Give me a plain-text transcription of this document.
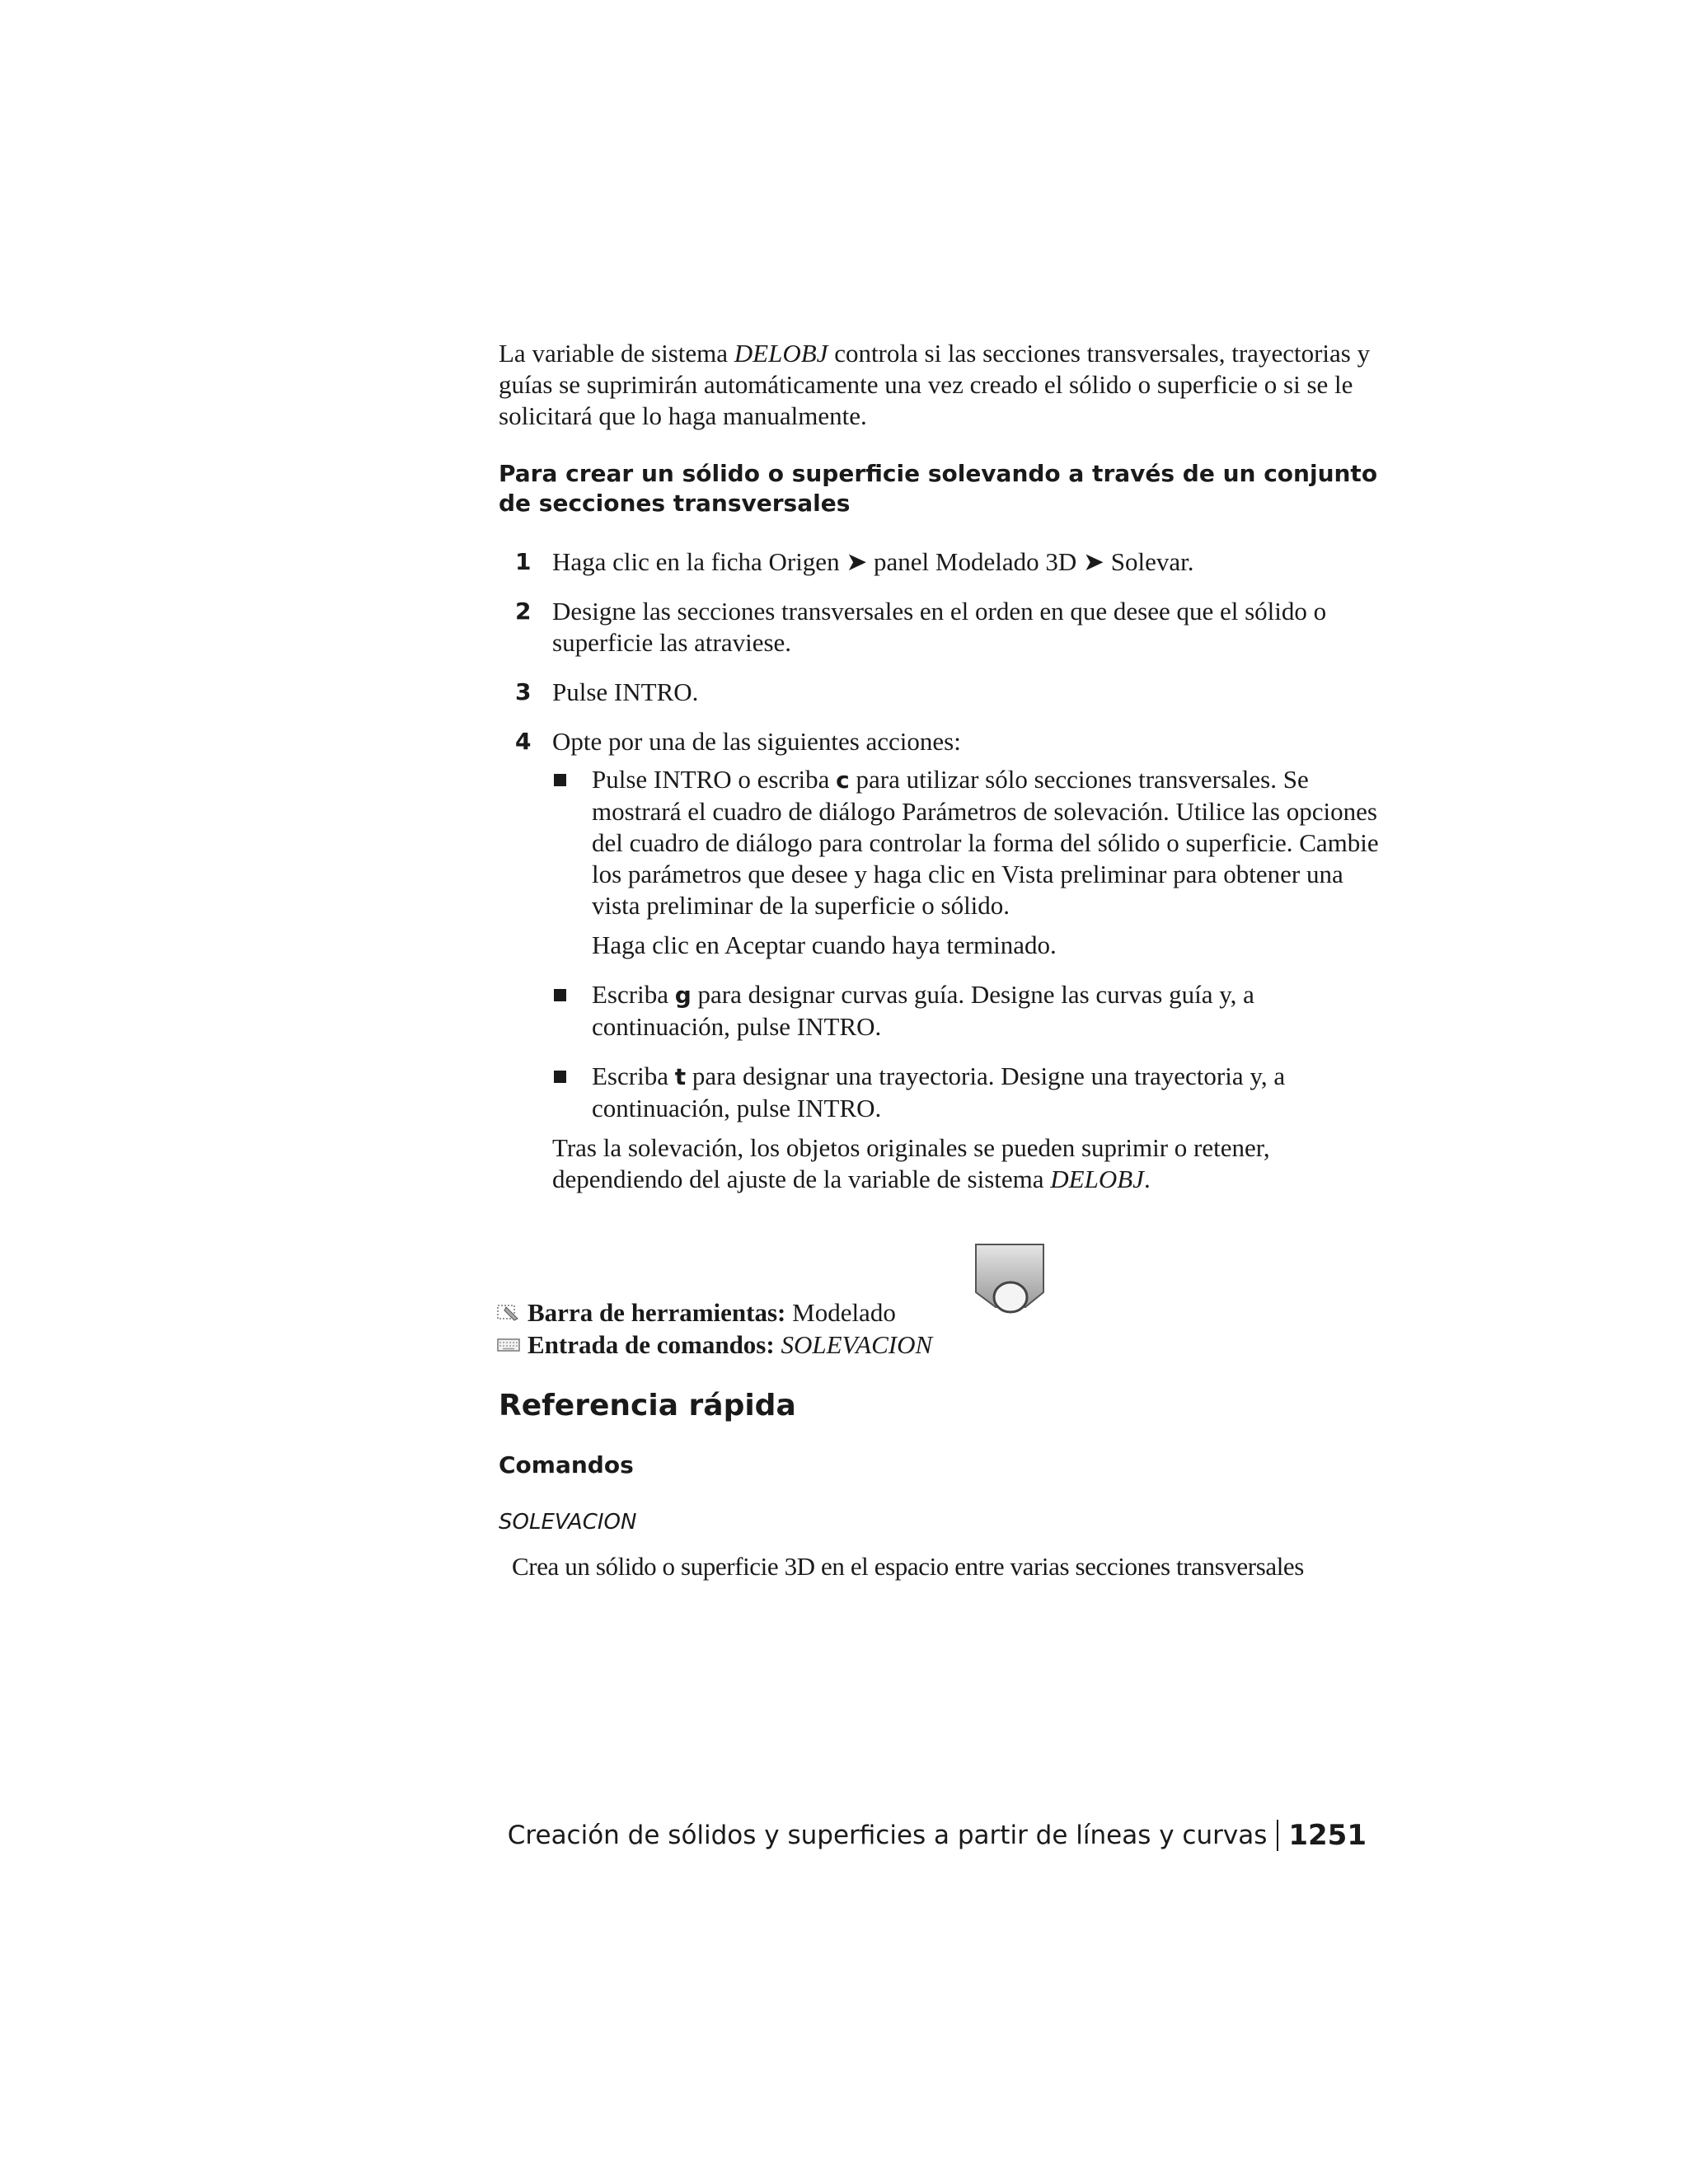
La variable de sistema DELOBJ controla si las secciones transversales, trayectorias y guías se suprimirán automáticamente una vez creado el sólido o superficie o si se le solicitará que lo haga manualmente.

Para crear un sólido o superficie solevando a través de un conjunto de secciones transversales

1 Haga clic en la ficha Origen ➤ panel Modelado 3D ➤ Solevar.
2 Designe las secciones transversales en el orden en que desee que el sólido o superficie las atraviese.
3 Pulse INTRO.
4 Opte por una de las siguientes acciones:

Pulse INTRO o escriba c para utilizar sólo secciones transversales. Se mostrará el cuadro de diálogo Parámetros de solevación. Utilice las opciones del cuadro de diálogo para controlar la forma del sólido o superficie. Cambie los parámetros que desee y haga clic en Vista preliminar para obtener una vista preliminar de la superficie o sólido.

Haga clic en Aceptar cuando haya terminado.

Escriba g para designar curvas guía. Designe las curvas guía y, a continuación, pulse INTRO.

Escriba t para designar una trayectoria. Designe una trayectoria y, a continuación, pulse INTRO.

Tras la solevación, los objetos originales se pueden suprimir o retener, dependiendo del ajuste de la variable de sistema DELOBJ.

Barra de herramientas:
Modelado
Entrada de comandos:
SOLEVACION
Referencia rápida
Comandos
SOLEVACION

Crea un sólido o superficie 3D en el espacio entre varias secciones transversales

Creación de sólidos y superficies a partir de líneas y curvas 1251
